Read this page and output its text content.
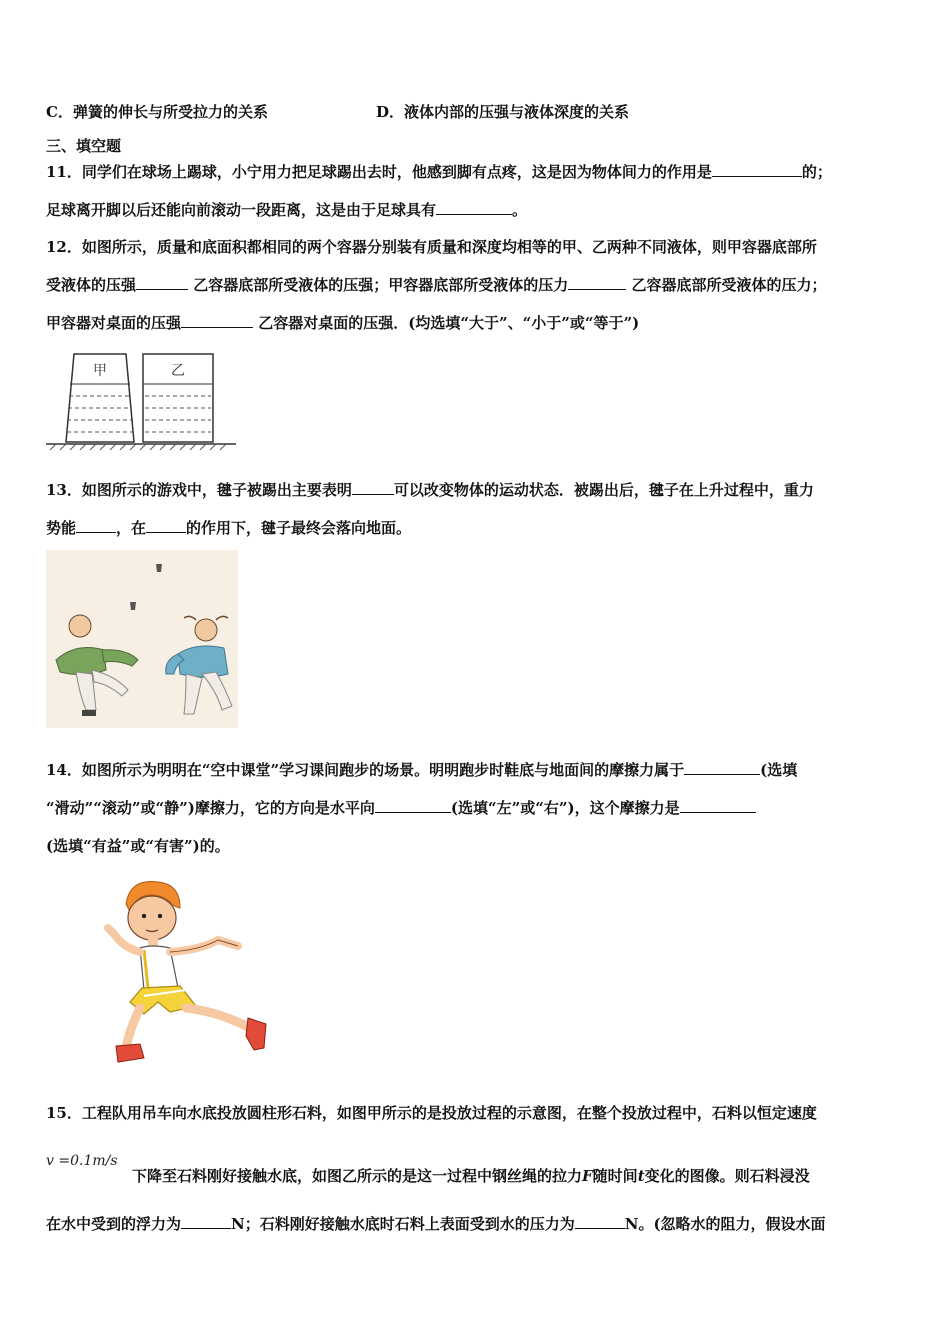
C．弹簧的伸长与所受拉力的关系	D．液体内部的压强与液体深度的关系
三、填空题
11．同学们在球场上踢球，小宁用力把足球踢出去时，他感到脚有点疼，这是因为物体间力的作用是	的；
足球离开脚以后还能向前滚动一段距离，这是由于足球具有	。
12．如图所示，质量和底面积都相同的两个容器分别装有质量和深度均相等的甲、乙两种不同液体，则甲容器底部所
受液体的压强	乙容器底部所受液体的压强；甲容器底部所受液体的压力	乙容器底部所受液体的压力；
甲容器对桌面的压强	乙容器对桌面的压强．(均选填“大于”、“小于”或“等于”)
甲	乙
13．如图所示的游戏中，毽子被踢出主要表明	可以改变物体的运动状态．被踢出后，毽子在上升过程中，重力
势能	，在	的作用下，毽子最终会落向地面。
14．如图所示为明明在“空中课堂”学习课间跑步的场景。明明跑步时鞋底与地面间的摩擦力属于	(选填
“滑动”“滚动”或“静”)摩擦力，它的方向是水平向	(选填“左”或“右”)，这个摩擦力是
(选填“有益”或“有害”)的。
15．工程队用吊车向水底投放圆柱形石料，如图甲所示的是投放过程的示意图，在整个投放过程中，石料以恒定速度
v =0.1m/s
下降至石料刚好接触水底，如图乙所示的是这一过程中钢丝绳的拉力F随时间t变化的图像。则石料浸没
在水中受到的浮力为	N；石料刚好接触水底时石料上表面受到水的压力为	N。(忽略水的阻力，假设水面
